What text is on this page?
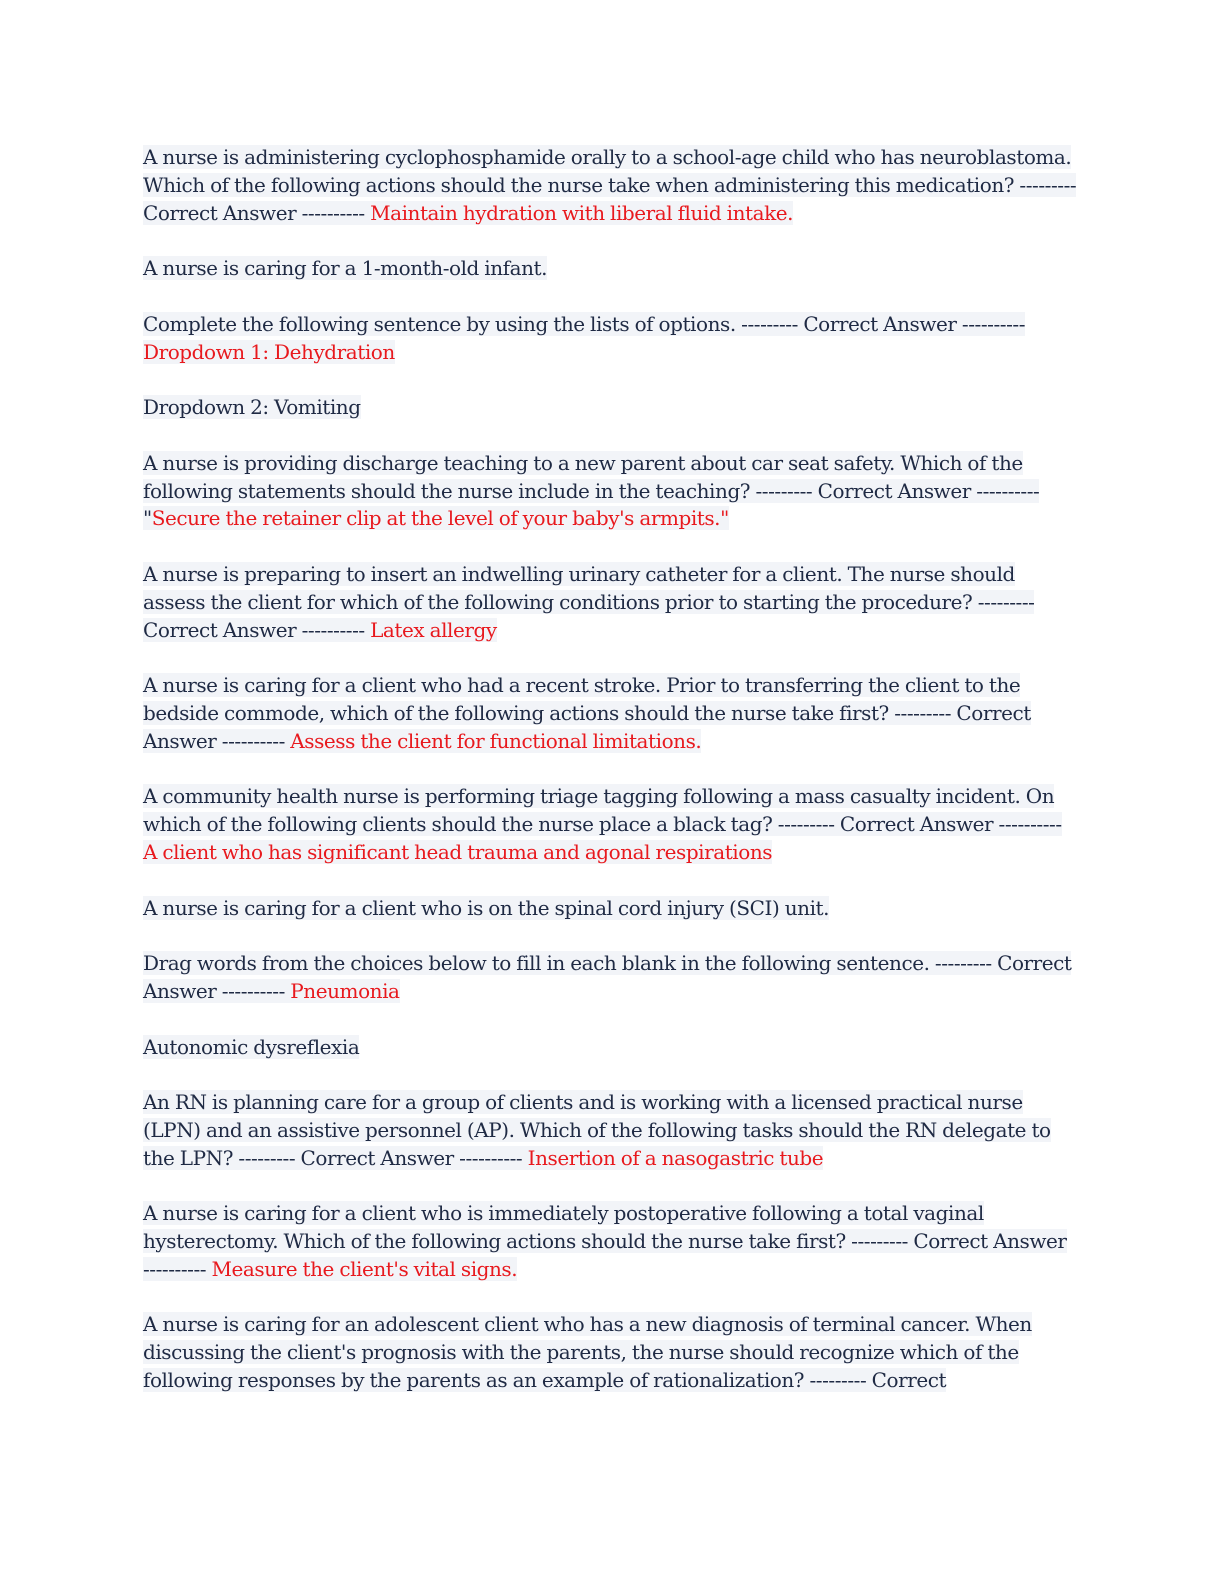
A nurse is administering cyclophosphamide orally to a school-age child who has neuroblastoma. Which of the following actions should the nurse take when administering this medication? --------- Correct Answer ---------- Maintain hydration with liberal fluid intake.

A nurse is caring for a 1-month-old infant.

Complete the following sentence by using the lists of options. --------- Correct Answer ---------- Dropdown 1: Dehydration

Dropdown 2: Vomiting

A nurse is providing discharge teaching to a new parent about car seat safety. Which of the following statements should the nurse include in the teaching? --------- Correct Answer ---------- "Secure the retainer clip at the level of your baby's armpits."

A nurse is preparing to insert an indwelling urinary catheter for a client. The nurse should assess the client for which of the following conditions prior to starting the procedure? --------- Correct Answer ---------- Latex allergy

A nurse is caring for a client who had a recent stroke. Prior to transferring the client to the bedside commode, which of the following actions should the nurse take first? --------- Correct Answer ---------- Assess the client for functional limitations.

A community health nurse is performing triage tagging following a mass casualty incident. On which of the following clients should the nurse place a black tag? --------- Correct Answer ---------- A client who has significant head trauma and agonal respirations

A nurse is caring for a client who is on the spinal cord injury (SCI) unit.

Drag words from the choices below to fill in each blank in the following sentence. --------- Correct Answer ---------- Pneumonia

Autonomic dysreflexia

An RN is planning care for a group of clients and is working with a licensed practical nurse (LPN) and an assistive personnel (AP). Which of the following tasks should the RN delegate to the LPN? --------- Correct Answer ---------- Insertion of a nasogastric tube

A nurse is caring for a client who is immediately postoperative following a total vaginal hysterectomy. Which of the following actions should the nurse take first? --------- Correct Answer ---------- Measure the client's vital signs.

A nurse is caring for an adolescent client who has a new diagnosis of terminal cancer. When discussing the client's prognosis with the parents, the nurse should recognize which of the following responses by the parents as an example of rationalization? --------- Correct
